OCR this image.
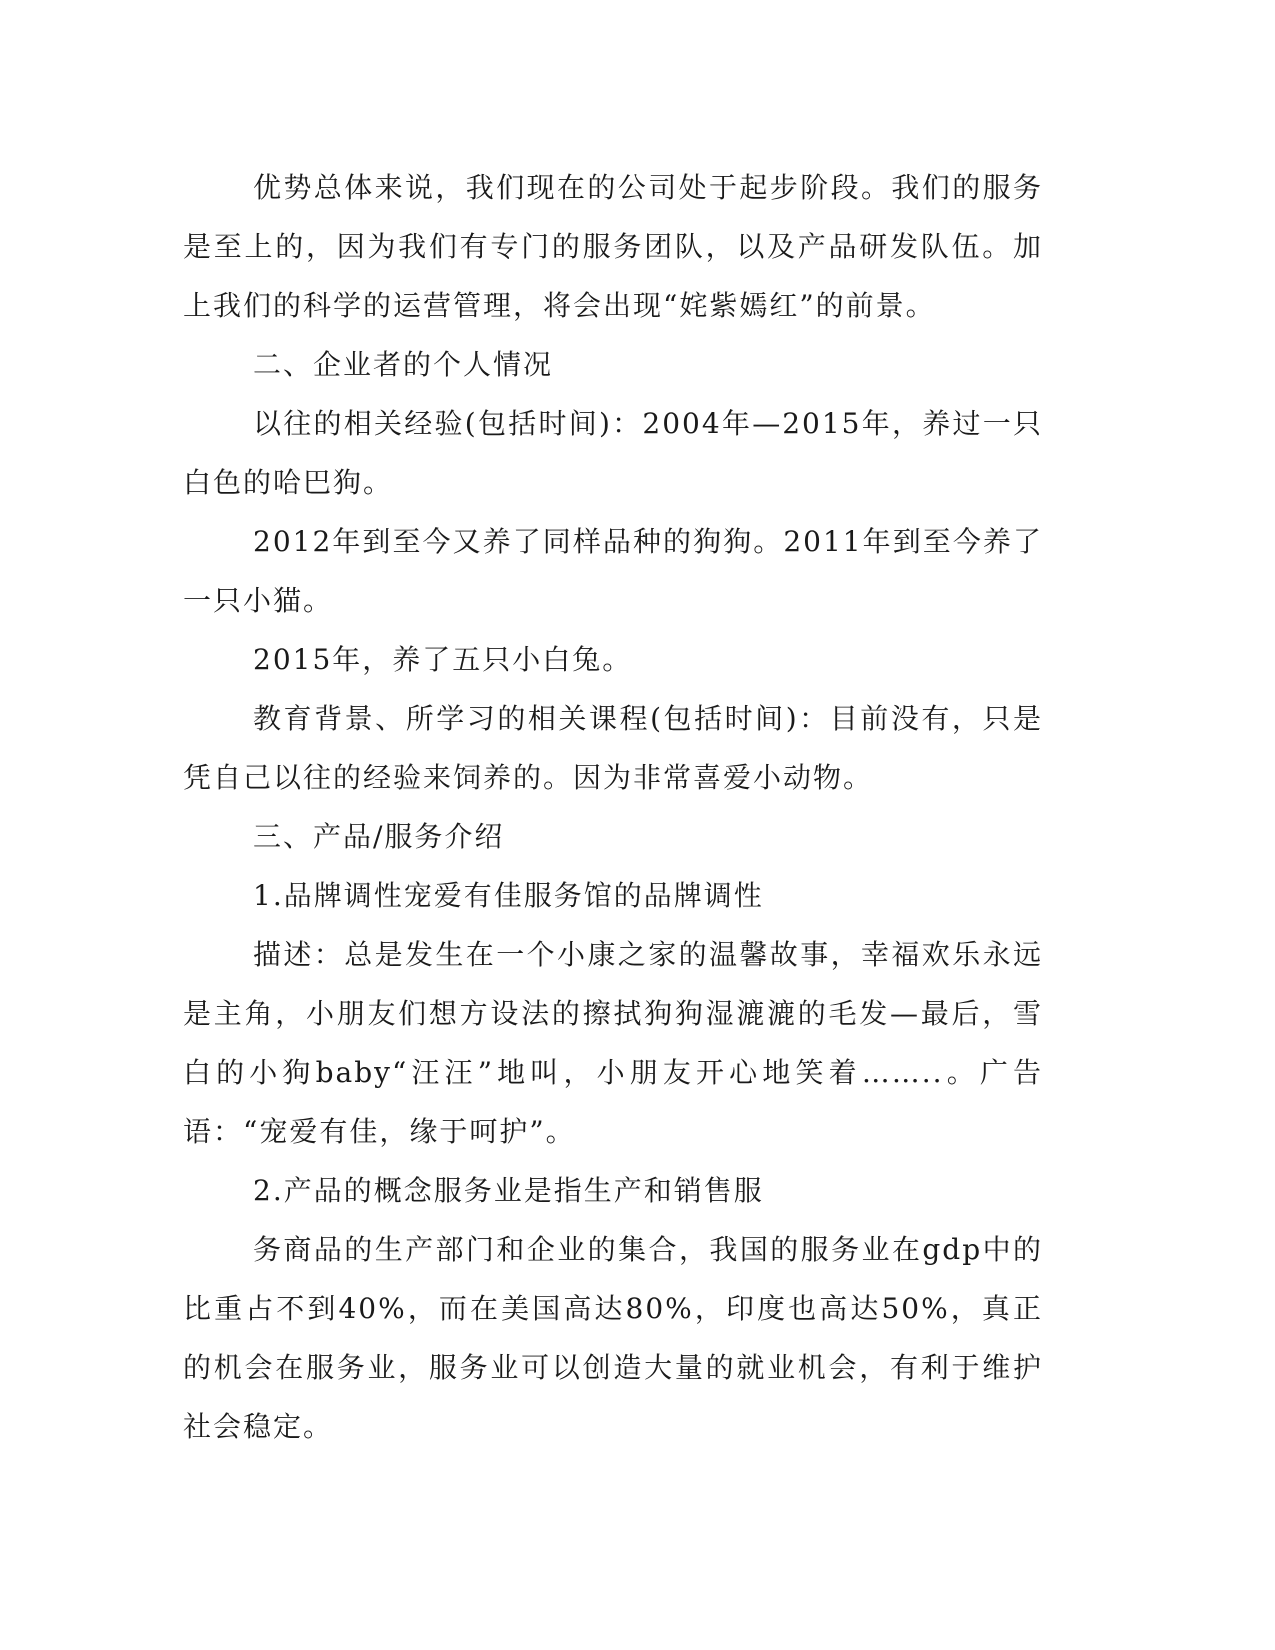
优势总体来说，我们现在的公司处于起步阶段。我们的服务是至上的，因为我们有专门的服务团队，以及产品研发队伍。加上我们的科学的运营管理，将会出现“姹紫嫣红”的前景。

二、企业者的个人情况

以往的相关经验(包括时间)：2004年—2015年，养过一只白色的哈巴狗。

2012年到至今又养了同样品种的狗狗。2011年到至今养了一只小猫。

2015年，养了五只小白兔。

教育背景、所学习的相关课程(包括时间)：目前没有，只是凭自己以往的经验来饲养的。因为非常喜爱小动物。

三、产品/服务介绍

1.品牌调性宠爱有佳服务馆的品牌调性

描述：总是发生在一个小康之家的温馨故事，幸福欢乐永远是主角，小朋友们想方设法的擦拭狗狗湿漉漉的毛发—最后，雪白的小狗baby“汪汪”地叫，小朋友开心地笑着……..。广告语：“宠爱有佳，缘于呵护”。

2.产品的概念服务业是指生产和销售服

务商品的生产部门和企业的集合，我国的服务业在gdp中的比重占不到40%，而在美国高达80%，印度也高达50%，真正的机会在服务业，服务业可以创造大量的就业机会，有利于维护社会稳定。
